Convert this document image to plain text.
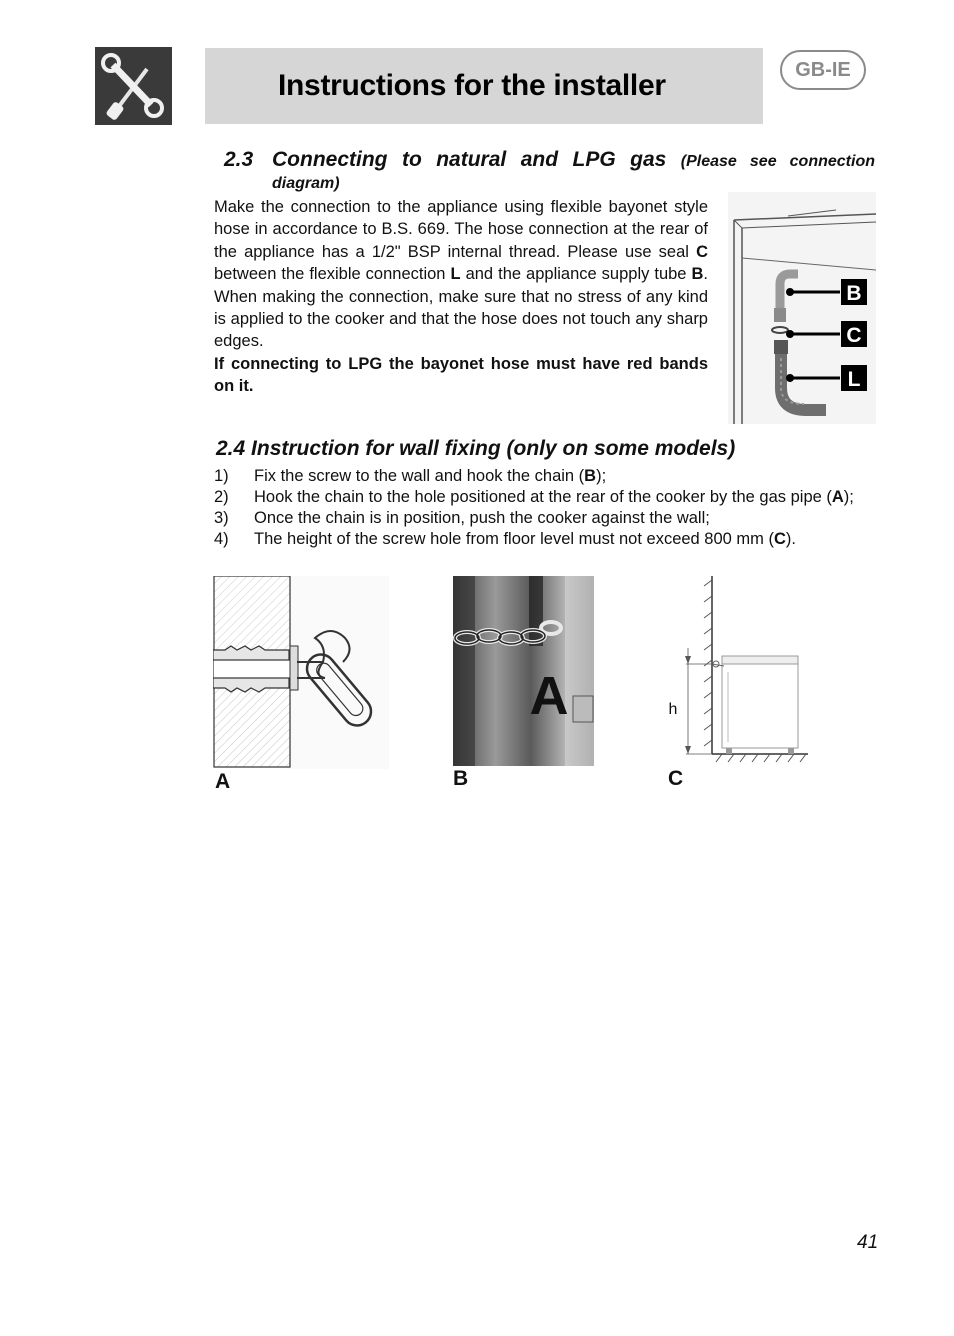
Instructions for the installer	GB-IE
2.3 Connecting to natural and LPG gas (Please see connection
diagram)

Make the connection to the appliance using flexible bayonet style hose in accordance to B.S. 669. The hose connection at the rear of the appliance has a 1/2" BSP internal thread. Please use seal C between the flexible connection L and the appliance supply tube B. When making the connection, make sure that no stress of any kind is applied to the cooker and that the hose does not touch any sharp edges.

If connecting to LPG the bayonet hose must have red bands on it.

B
C
L
2.4 Instruction for wall fixing (only on some models)
1)	Fix the screw to the wall and hook the chain (B);
2)	Hook the chain to the hole positioned at the rear of the cooker by the gas pipe (A);
3)	Once the chain is in position, push the cooker against the wall;
4)	The height of the screw hole from floor level must not exceed 800 mm (C).
A
A
B
h
C
41
